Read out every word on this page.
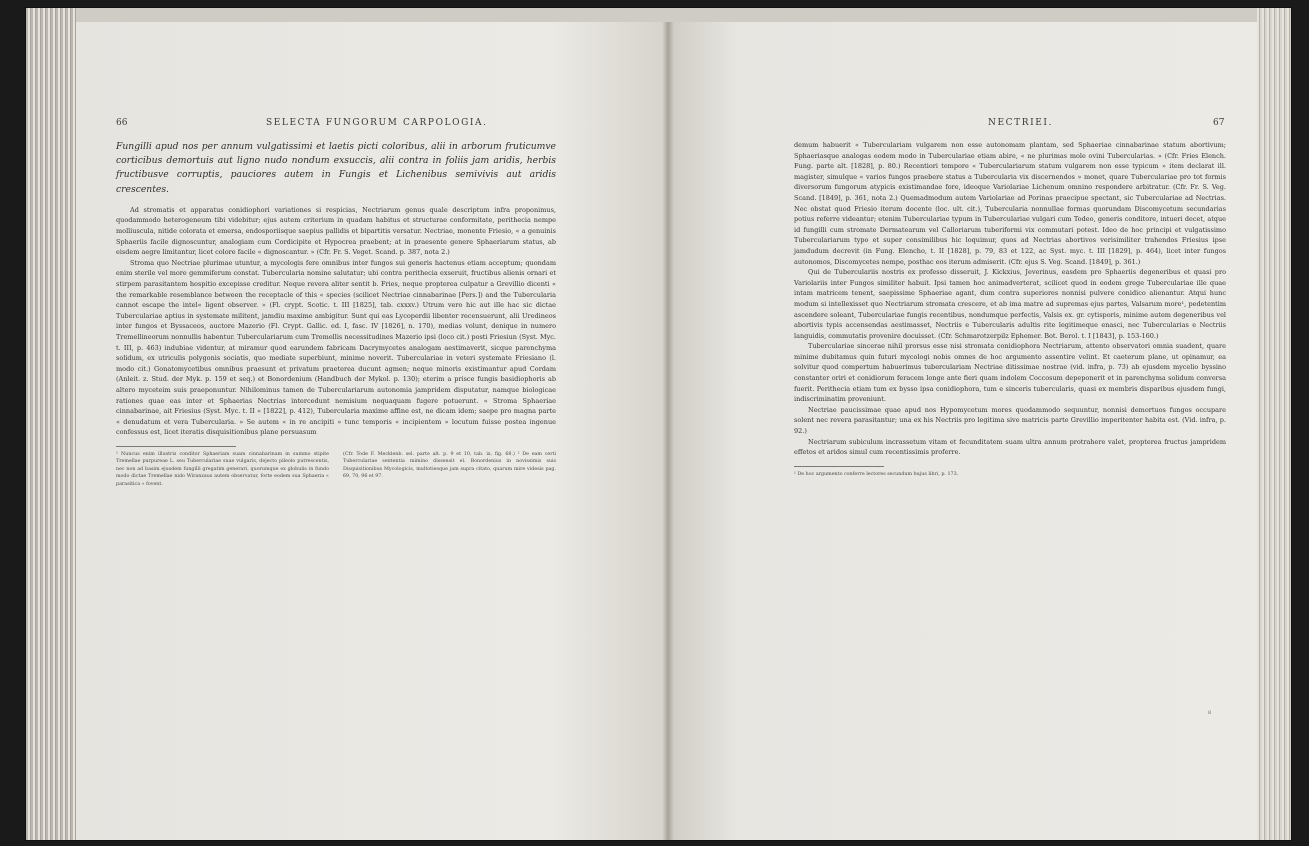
66	SELECTA FUNGORUM CARPOLOGIA.
Fungilli apud nos per annum vulgatissimi et laetis picti coloribus, alii in arborum fruticumve corticibus demortuis aut ligno nudo nondum exsuccis, alii contra in foliis jam aridis, herbis fructibusve corruptis, pauciores autem in Fungis et Lichenibus semivivis aut aridis crescentes.

Ad stromatis et apparatus conidiophori variationes si respicias, Nectriarum genus quale descriptum infra proponimus, quodammodo heterogeneum tibi videbitur; ejus autem criterium in quadam habitus et structurae conformitate, perithecia nempe molliuscula, nitide colorata et emersa, endosporiisque saepius pallidis et bipartitis versatur. Nectriae, monente Friesio, « a genuinis Sphaeriis facile dignoscuntur, analogiam cum Cordicipite et Hypocrea praebent; at in praesente genere Sphaeriarum status, ab eisdem aegre limitantur, licet colore facile « dignoscantur. » (Cfr. Fr. S. Veget. Scand. p. 387, nota 2.)

Stroma quo Nectriae plurimae utuntur, a mycologis fere omnibus inter fungos sui generis hactenus etiam acceptum; quondam enim sterile vel more gemmiferum constat. Tubercularia nomine salutatur; ubi contra perithecia exseruit, fructibus alienis ornari et stirpem parasitantem hospitio excepisse creditur. Neque revera aliter sentit b. Fries, neque propterea culpatur a Grevillio dicenti « the remarkable resemblance between the receptacle of this « species (scilicet Nectriae cinnabarinae [Pers.]) and the Tubercularia cannot escape the intel« ligent observer. » (Fl. crypt. Scotic. t. III [1825], tab. cxxxv.) Utrum vero hic aut ille hac sic dictae Tuberculariae aptius in systemate militent, jamdiu maxime ambigitur. Sunt qui eas Lycoperdii libenter recensuerunt, alii Uredineos inter fungos et Byssaceos, auctore Mazerio (Fl. Crypt. Gallic. ed. I, fasc. IV [1826], n. 170), medias volunt, denique in numero Tremellineorum nonnullis habentur. Tuberculariarum cum Tremellis necessitudines Mazerio ipsi (loco cit.) posti Friesiun (Syst. Myc. t. III, p. 463) indubiae videntur, at miramur quod earundem fabricam Dacrymycetes analogam aestimaverit, sicque parenchyma solidum, ex utriculis polygonis sociatis, quo mediate superbiunt, minime noverit. Tuberculariae in veteri systemate Friesiano (l. modo cit.) Gonatomycetibus omnibus praesunt et privatum praeterea ducunt agmen; neque minoris existimantur apud Cordam (Anleit. z. Stud. der Myk. p. 159 et seq.) et Bonordenium (Handbuch der Mykol. p. 130); eterim a prisce fungis basidiophoris ab altero myceteim suis praeponuntur. Nihilominus tamen de Tuberculariarum autonomia jampridem disputatur, namque biologicae rationes quae eas inter et Sphaerias Nectrias intercedunt nemisium nequaquam fugere potuerunt. « Stroma Sphaeriae cinnabarinae, ait Friesius (Syst. Myc. t. II « [1822], p. 412), Tubercularia maxime affine est, ne dicam idem; saepe pro magna parte « denudatum et vera Tubercularia. » Se autem « in re ancipiti » tunc temporis « incipientem » locutum fuisse postea ingenue confessus est, licet iteratis disquisitionibus plane persuasum

¹ Nuncus enim illustris conditor Sphaeriam suam cinnabarinam in summo stipite Tremellae purpureae L. seu Tuberculariae suae vulgaris, dejecto pileolo putrescentis, nec non ad basim ejusdem fungilli gregatim generari, quorumque ex globulis in fundo modo dictae Tremellae nido Wiranzaus autem observatur, forte eodem sua Sphaeria « parasitica » fovent.
(Cfr. Tode F. Mecklenb. sel. parte alt. p. 9 et 10, tab. ix, fig. 68.) ² De eam certi Tuberculariae sententia mimino dissensit el. Bonordenius in novissimis suis Disquisitionibus Mycologicis, multotiesque jam supra citato, quarum mire videsis pag. 69, 70, 96 et 97.
NECTRIEI.	67

demum habuerit « Tuberculariam vulgarem non esse autonomam plantam, sed Sphaeriae cinnabarinae statum abortivum; Sphaeriasque analogas eodem modo in Tuberculariae etiam abire, « ne plurimas mole ovini Tubercularias. » (Cfr. Fries Elench. Fung. parte alt. [1828], p. 80.) Recentiori tempore « Tuberculariarum statum vulgarem non esse typicum » item declarat ill. magister, simulque « varios fungos praebere status a Tubercularia vix discernendos » monet, quare Tuberculariae pro tot formis diversorum fungorum atypicis existimandae fore, ideoque Variolariae Lichenum omnino respondere arbitratur. (Cfr. Fr. S. Veg. Scand. [1849], p. 361, nota 2.) Quemadmodum autem Variolariae ad Porinas praecipue spectant, sic Tuberculariae ad Nectrias. Nec obstat quod Friesio iterum docente (loc. ult. cit.), Tubercularia nonnullae formas quorundam Discomycetum secundarias potius referre videantur; etenim Tuberculariae typum in Tuberculariae vulgari cum Todeo, generis conditore, intueri decet, atque id fungilli cum stromate Dermatearum vel Calloriarum tuberiformi vix commutari potest. Ideo de hoc principi et vulgatissimo Tuberculariarum typo et super consimilibus hic loquimur, quos ad Nectrias abortivos verisimiliter trahendos Friesius ipse jamdudum decrevit (in Fung. Elencho, t. II [1828], p. 79, 83 et 122, ac Syst. myc. t. III [1829], p. 464), licet inter fungos autonomos, Discomycetes nempe, posthac eos iterum admiserit. (Cfr. ejus S. Veg. Scand. [1849], p. 361.)

Qui de Tuberculariis nostris ex professo disseruit, J. Kickxius, Jeverinus, easdem pro Sphaeriis degeneribus et quasi pro Variolariis inter Fungos similiter habuit. Ipsi tamen hoc animadverterat, scilicet quod in eodem grege Tuberculariae ille quae intam matricem tenent, saepissime Sphaeriae agant, dum contra superiores nonnisi pulvere conidico alienantur. Atqui hunc modum si intellexisset quo Nectriarum stromata crescere, et ab ima matre ad supremas ejus partes, Valsarum more¹, pedetentim ascendere soleant, Tuberculariae fungis recentibus, nondumque perfectis, Valsis ex. gr. cytisporis, minime autem degeneribus vel abortivis typis accensendas aestimasset, Nectriis e Tubercularis adultis rite legitimeque enasci, nec Tubercularias e Nectriis languidis, commutatis provenire docuisset. (Cfr. Schmarotzerpilz Ephemer. Bot. Berol. t. I [1843], p. 153-160.)

Tuberculariae sincerae nihil prorsus esse nisi stromata conidiophora Nectriarum, attento observatori omnia suadent, quare minime dubitamus quin futuri mycologi nobis omnes de hoc argumento assentire velint. Et caeterum plane, ut opinamur, ea solvitur quod compertum habuerimus tuberculariam Nectriae ditissimae nostrae (vid. infra, p. 73) ab ejusdem mycelio byssino constanter oriri et conidiorum feracem longe ante fieri quam indolem Coccosum depeponerit et in parenchyma solidum conversa fuerit. Perithecia etiam tum ex bysso ipsa conidiophora, tum e sinceris tubercularis, quasi ex membris disparibus ejusdem fungi, indiscriminatim proveniunt.

Nectriae paucissimae quae apud nos Hypomycetum mores quodammodo sequuntur, nonnisi demortuos fungos occupare solent nec revera parasitantur; una ex his Nectriis pro legitima sive matricis parte Grevillio imperitenter habita est. (Vid. infra, p. 92.)

Nectriarum subiculum incrassetum vitam et fecunditatem suam ultra annum protrahere valet, propterea fructus jampridem effetos et aridos simul cum recentissimis proferre.

¹ De hoc argumento conferre lectores secundum hujus libri, p. 173.
8
